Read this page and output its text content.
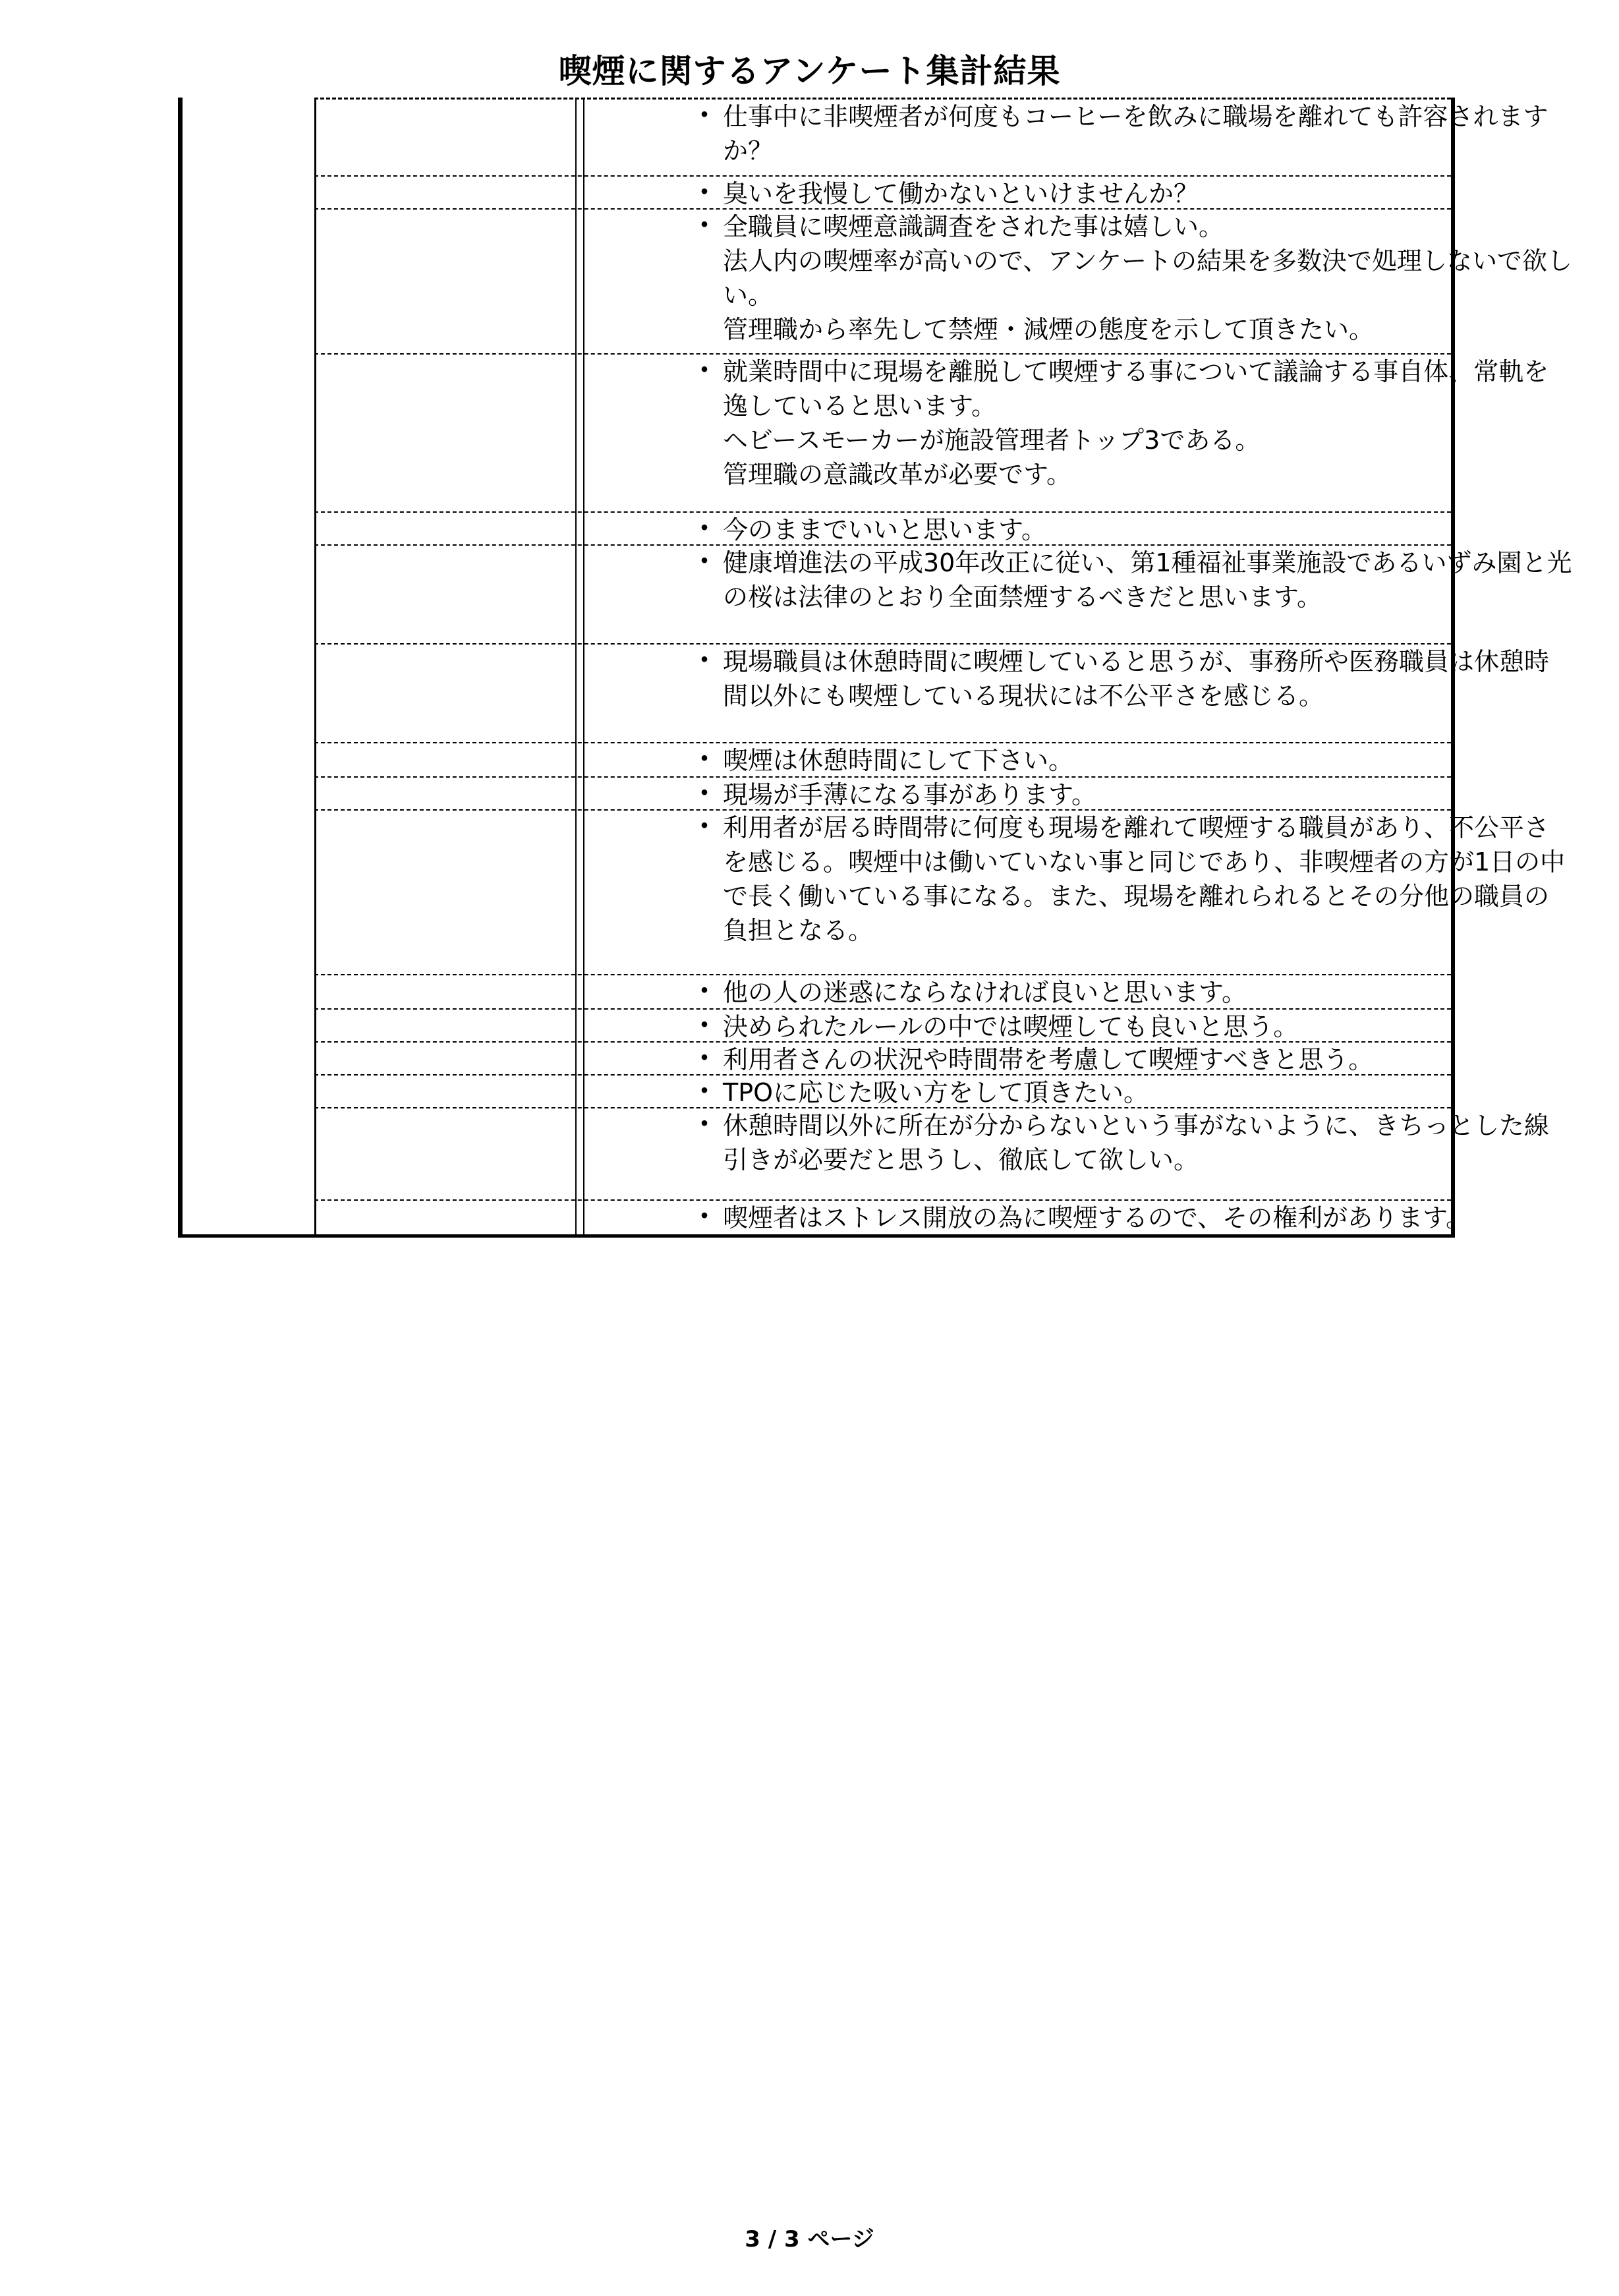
喫煙に関するアンケート集計結果
・ 仕事中に非喫煙者が何度もコーヒーを飲みに職場を離れても許容されますか？
・ 臭いを我慢して働かないといけませんか？
・ 全職員に喫煙意識調査をされた事は嬉しい。
法人内の喫煙率が高いので、アンケートの結果を多数決で処理しないで欲しい。
管理職から率先して禁煙・減煙の態度を示して頂きたい。
・ 就業時間中に現場を離脱して喫煙する事について議論する事自体、常軌を逸していると思います。
ヘビースモーカーが施設管理者トップ3である。
管理職の意識改革が必要です。
・ 今のままでいいと思います。
・ 健康増進法の平成30年改正に従い、第1種福祉事業施設であるいずみ園と光の桜は法律のとおり全面禁煙するべきだと思います。
・ 現場職員は休憩時間に喫煙していると思うが、事務所や医務職員は休憩時間以外にも喫煙している現状には不公平さを感じる。
・ 喫煙は休憩時間にして下さい。
・ 現場が手薄になる事があります。
・ 利用者が居る時間帯に何度も現場を離れて喫煙する職員があり、不公平さを感じる。喫煙中は働いていない事と同じであり、非喫煙者の方が1日の中で長く働いている事になる。また、現場を離れられるとその分他の職員の負担となる。
・ 他の人の迷惑にならなければ良いと思います。
・ 決められたルールの中では喫煙しても良いと思う。
・ 利用者さんの状況や時間帯を考慮して喫煙すべきと思う。
・ TPOに応じた吸い方をして頂きたい。
・ 休憩時間以外に所在が分からないという事がないように、きちっとした線引きが必要だと思うし、徹底して欲しい。
・ 喫煙者はストレス開放の為に喫煙するので、その権利があります。
3 / 3 ページ
